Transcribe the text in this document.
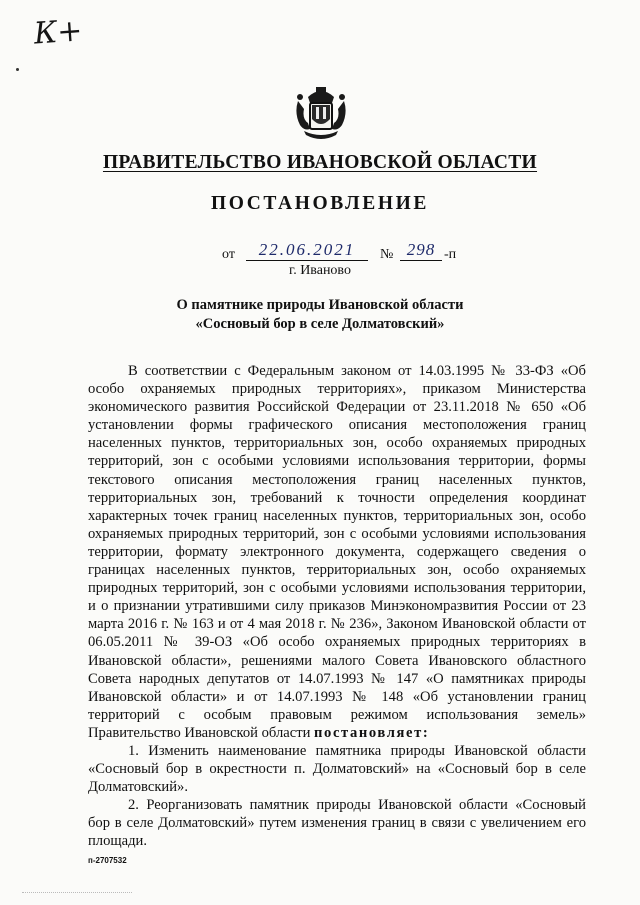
К+
ПРАВИТЕЛЬСТВО ИВАНОВСКОЙ ОБЛАСТИ
ПОСТАНОВЛЕНИЕ
от	22.06.2021	№ 298 -п
г. Иваново
О памятнике природы Ивановской области
«Сосновый бор в селе Долматовский»

В соответствии с Федеральным законом от 14.03.1995 № 33-ФЗ «Об особо охраняемых природных территориях», приказом Министерства экономического развития Российской Федерации от 23.11.2018 № 650 «Об установлении формы графического описания местоположения границ населенных пунктов, территориальных зон, особо охраняемых природных территорий, зон с особыми условиями использования территории, формы текстового описания местоположения границ населенных пунктов, территориальных зон, требований к точности определения координат характерных точек границ населенных пунктов, территориальных зон, особо охраняемых природных территорий, зон с особыми условиями использования территории, формату электронного документа, содержащего сведения о границах населенных пунктов, территориальных зон, особо охраняемых природных территорий, зон с особыми условиями использования территории, и о признании утратившими силу приказов Минэкономразвития России от 23 марта 2016 г. № 163 и от 4 мая 2018 г. № 236», Законом Ивановской области от 06.05.2011 № 39-ОЗ «Об особо охраняемых природных территориях в Ивановской области», решениями малого Совета Ивановского областного Совета народных депутатов от 14.07.1993 № 147 «О памятниках природы Ивановской области» и от 14.07.1993 № 148 «Об установлении границ территорий с особым правовым режимом использования земель» Правительство Ивановской области постановляет:

1. Изменить наименование памятника природы Ивановской области «Сосновый бор в окрестности п. Долматовский» на «Сосновый бор в селе Долматовский».

2. Реорганизовать памятник природы Ивановской области «Сосновый бор в селе Долматовский» путем изменения границ в связи с увеличением его площади.

п-2707532
